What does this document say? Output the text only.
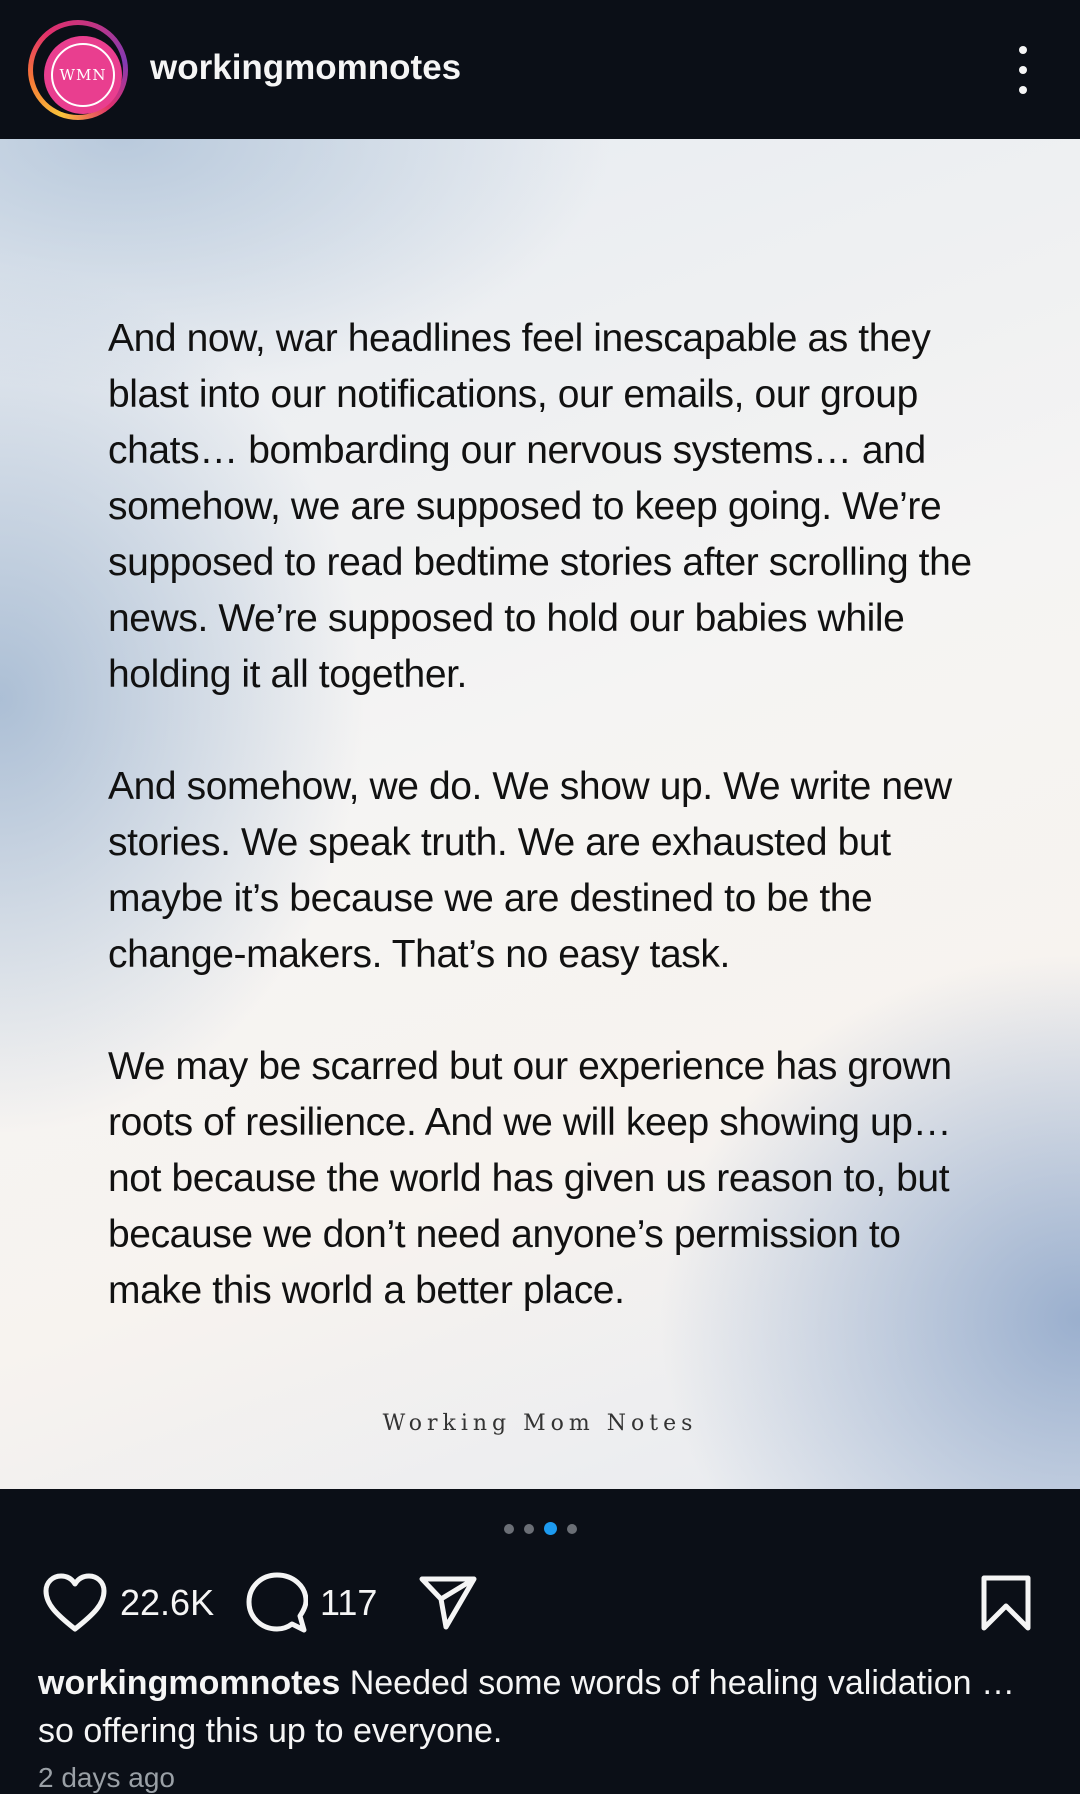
WMN workingmomnotes

And now, war headlines feel inescapable as they blast into our notifications, our emails, our group chats… bombarding our nervous systems… and somehow, we are supposed to keep going. We’re supposed to read bedtime stories after scrolling the news. We’re supposed to hold our babies while holding it all together.

And somehow, we do. We show up. We write new stories. We speak truth. We are exhausted but maybe it’s because we are destined to be the change-makers. That’s no easy task.

We may be scarred but our experience has grown roots of resilience. And we will keep showing up… not because the world has given us reason to, but because we don’t need anyone’s permission to make this world a better place.

Working Mom Notes
22.6K	117
workingmomnotes Needed some words of healing validation … so offering this up to everyone.
2 days ago
